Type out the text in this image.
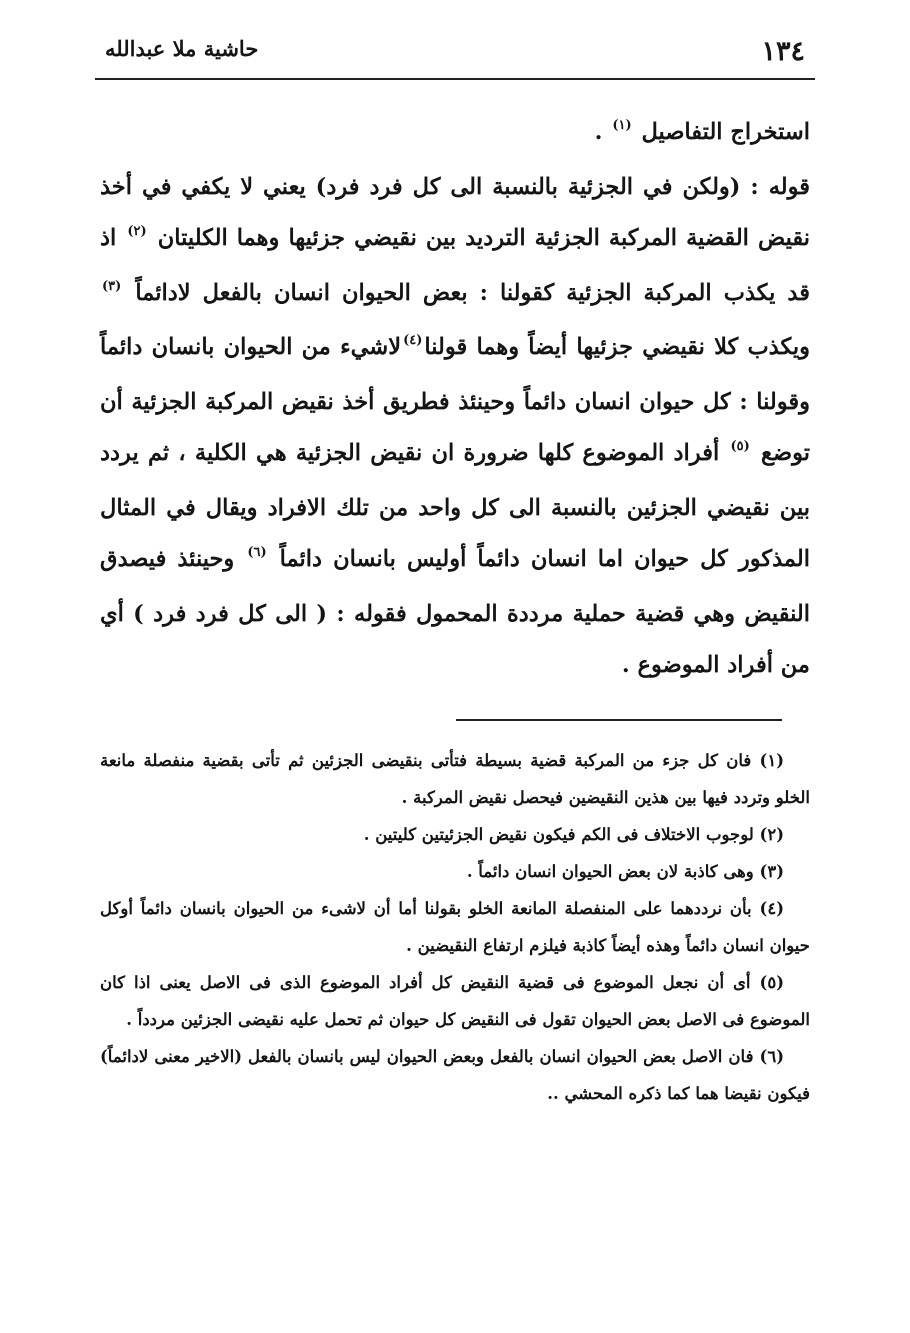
١٣٤
حاشية ملا عبدالله

استخراج التفاصيل $^{(١)}$ .

قوله : (ولكن في الجزئية بالنسبة الى كل فرد فرد) يعني لا يكفي في أخذ نقيض القضية المركبة الجزئية الترديد بين نقيضي جزئيها وهما الكليتان $^{(٢)}$ اذ قد يكذب المركبة الجزئية كقولنا : بعض الحيوان انسان بالفعل لادائماً $^{(٣)}$ ويكذب كلا نقيضي جزئيها أيضاً وهما قولنا$^{(٤)}$لاشيء من الحيوان بانسان دائماً وقولنا : كل حيوان انسان دائماً وحينئذ فطريق أخذ نقيض المركبة الجزئية أن توضع $^{(٥)}$ أفراد الموضوع كلها ضرورة ان نقيض الجزئية هي الكلية ، ثم يردد بين نقيضي الجزئين بالنسبة الى كل واحد من تلك الافراد ويقال في المثال المذكور كل حيوان اما انسان دائماً أوليس بانسان دائماً $^{(٦)}$ وحينئذ فيصدق النقيض وهي قضية حملية مرددة المحمول فقوله : ( الى كل فرد فرد ) أي من أفراد الموضوع .

(١) فان كل جزء من المركبة قضية بسيطة فتأتى بنقيضى الجزئين ثم تأتى بقضية منفصلة مانعة الخلو وتردد فيها بين هذين النقيضين فيحصل نقيض المركبة .

(٢) لوجوب الاختلاف فى الكم فيكون نقيض الجزئيتين كليتين .

(٣) وهى كاذبة لان بعض الحيوان انسان دائماً .

(٤) بأن نرددهما على المنفصلة المانعة الخلو بقولنا أما أن لاشىء من الحيوان بانسان دائماً أوكل حيوان انسان دائماً وهذه أيضاً كاذبة فيلزم ارتفاع النقيضين .

(٥) أى أن نجعل الموضوع فى قضية النقيض كل أفراد الموضوع الذى فى الاصل يعنى اذا كان الموضوع فى الاصل بعض الحيوان تقول فى النقيض كل حيوان ثم تحمل عليه نقيضى الجزئين مردداً .

(٦) فان الاصل بعض الحيوان انسان بالفعل وبعض الحيوان ليس بانسان بالفعل (الاخير معنى لادائماً) فيكون نقيضا هما كما ذكره المحشي ..
